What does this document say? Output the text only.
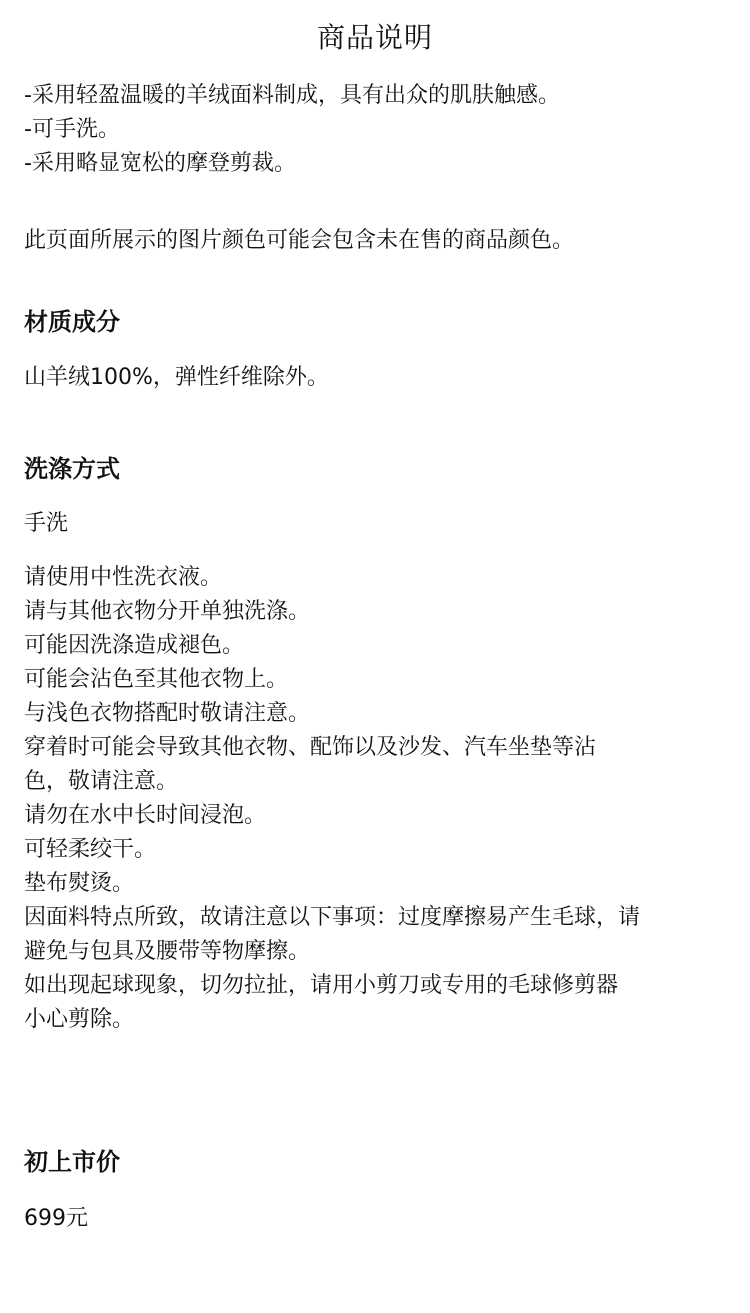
商品说明

-采用轻盈温暖的羊绒面料制成，具有出众的肌肤触感。

-可手洗。

-采用略显宽松的摩登剪裁。

此页面所展示的图片颜色可能会包含未在售的商品颜色。

材质成分

山羊绒100%，弹性纤维除外。

洗涤方式

手洗

请使用中性洗衣液。

请与其他衣物分开单独洗涤。

可能因洗涤造成褪色。

可能会沾色至其他衣物上。

与浅色衣物搭配时敬请注意。

穿着时可能会导致其他衣物、配饰以及沙发、汽车坐垫等沾

色，敬请注意。

请勿在水中长时间浸泡。

可轻柔绞干。

垫布熨烫。

因面料特点所致，故请注意以下事项：过度摩擦易产生毛球，请

避免与包具及腰带等物摩擦。

如出现起球现象，切勿拉扯，请用小剪刀或专用的毛球修剪器

小心剪除。

初上市价

699元
